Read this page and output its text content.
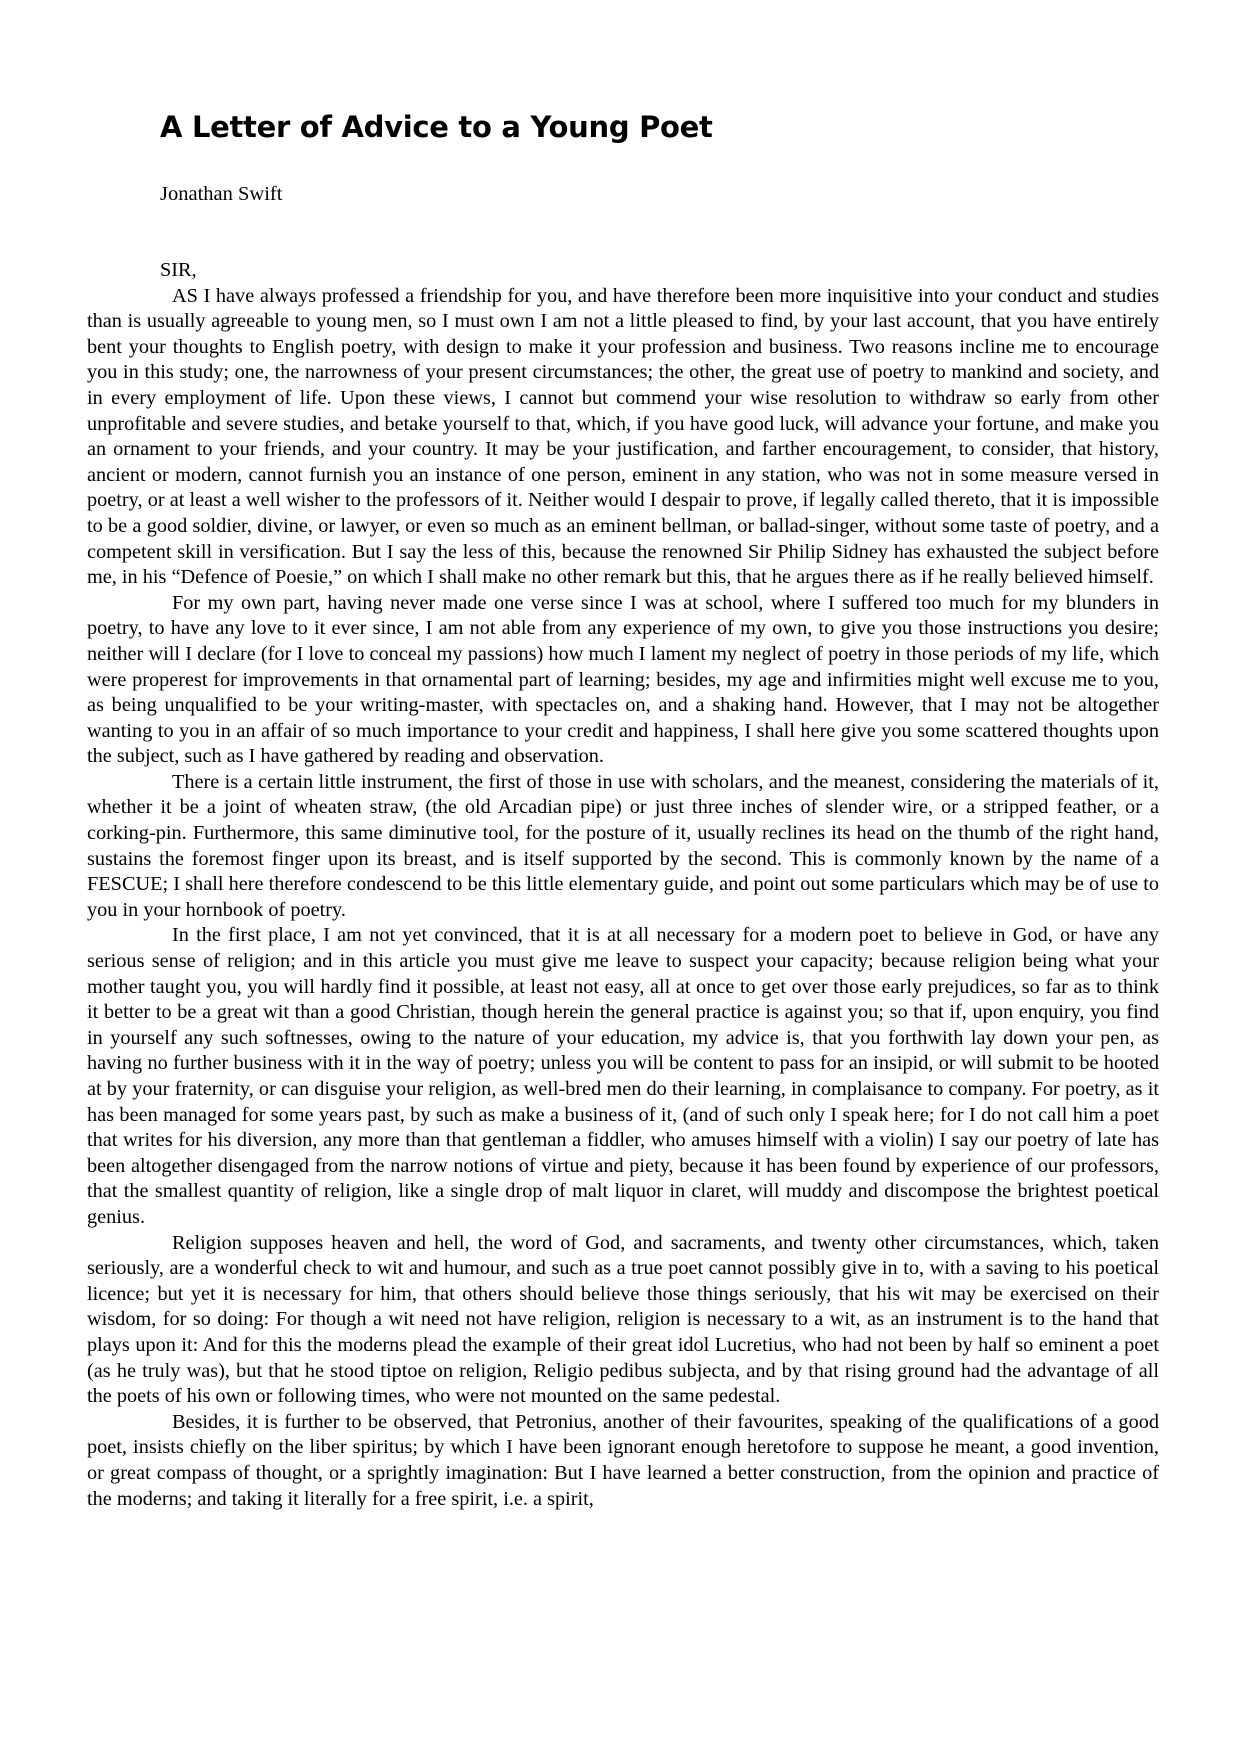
A Letter of Advice to a Young Poet
Jonathan Swift
SIR,

AS I have always professed a friendship for you, and have therefore been more inquisitive into your conduct and studies than is usually agreeable to young men, so I must own I am not a little pleased to find, by your last account, that you have entirely bent your thoughts to English poetry, with design to make it your profession and business. Two reasons incline me to encourage you in this study; one, the narrowness of your present circumstances; the other, the great use of poetry to mankind and society, and in every employment of life. Upon these views, I cannot but commend your wise resolution to withdraw so early from other unprofitable and severe studies, and betake yourself to that, which, if you have good luck, will advance your fortune, and make you an ornament to your friends, and your country. It may be your justification, and farther encouragement, to consider, that history, ancient or modern, cannot furnish you an instance of one person, eminent in any station, who was not in some measure versed in poetry, or at least a well wisher to the professors of it. Neither would I despair to prove, if legally called thereto, that it is impossible to be a good soldier, divine, or lawyer, or even so much as an eminent bellman, or ballad-singer, without some taste of poetry, and a competent skill in versification. But I say the less of this, because the renowned Sir Philip Sidney has exhausted the subject before me, in his “Defence of Poesie,” on which I shall make no other remark but this, that he argues there as if he really believed himself.

For my own part, having never made one verse since I was at school, where I suffered too much for my blunders in poetry, to have any love to it ever since, I am not able from any experience of my own, to give you those instructions you desire; neither will I declare (for I love to conceal my passions) how much I lament my neglect of poetry in those periods of my life, which were properest for improvements in that ornamental part of learning; besides, my age and infirmities might well excuse me to you, as being unqualified to be your writing-master, with spectacles on, and a shaking hand. However, that I may not be altogether wanting to you in an affair of so much importance to your credit and happiness, I shall here give you some scattered thoughts upon the subject, such as I have gathered by reading and observation.

There is a certain little instrument, the first of those in use with scholars, and the meanest, considering the materials of it, whether it be a joint of wheaten straw, (the old Arcadian pipe) or just three inches of slender wire, or a stripped feather, or a corking-pin. Furthermore, this same diminutive tool, for the posture of it, usually reclines its head on the thumb of the right hand, sustains the foremost finger upon its breast, and is itself supported by the second. This is commonly known by the name of a FESCUE; I shall here therefore condescend to be this little elementary guide, and point out some particulars which may be of use to you in your hornbook of poetry.

In the first place, I am not yet convinced, that it is at all necessary for a modern poet to believe in God, or have any serious sense of religion; and in this article you must give me leave to suspect your capacity; because religion being what your mother taught you, you will hardly find it possible, at least not easy, all at once to get over those early prejudices, so far as to think it better to be a great wit than a good Christian, though herein the general practice is against you; so that if, upon enquiry, you find in yourself any such softnesses, owing to the nature of your education, my advice is, that you forthwith lay down your pen, as having no further business with it in the way of poetry; unless you will be content to pass for an insipid, or will submit to be hooted at by your fraternity, or can disguise your religion, as well-bred men do their learning, in complaisance to company. For poetry, as it has been managed for some years past, by such as make a business of it, (and of such only I speak here; for I do not call him a poet that writes for his diversion, any more than that gentleman a fiddler, who amuses himself with a violin) I say our poetry of late has been altogether disengaged from the narrow notions of virtue and piety, because it has been found by experience of our professors, that the smallest quantity of religion, like a single drop of malt liquor in claret, will muddy and discompose the brightest poetical genius.

Religion supposes heaven and hell, the word of God, and sacraments, and twenty other circumstances, which, taken seriously, are a wonderful check to wit and humour, and such as a true poet cannot possibly give in to, with a saving to his poetical licence; but yet it is necessary for him, that others should believe those things seriously, that his wit may be exercised on their wisdom, for so doing: For though a wit need not have religion, religion is necessary to a wit, as an instrument is to the hand that plays upon it: And for this the moderns plead the example of their great idol Lucretius, who had not been by half so eminent a poet (as he truly was), but that he stood tiptoe on religion, Religio pedibus subjecta, and by that rising ground had the advantage of all the poets of his own or following times, who were not mounted on the same pedestal.

Besides, it is further to be observed, that Petronius, another of their favourites, speaking of the qualifications of a good poet, insists chiefly on the liber spiritus; by which I have been ignorant enough heretofore to suppose he meant, a good invention, or great compass of thought, or a sprightly imagination: But I have learned a better construction, from the opinion and practice of the moderns; and taking it literally for a free spirit, i.e. a spirit,
